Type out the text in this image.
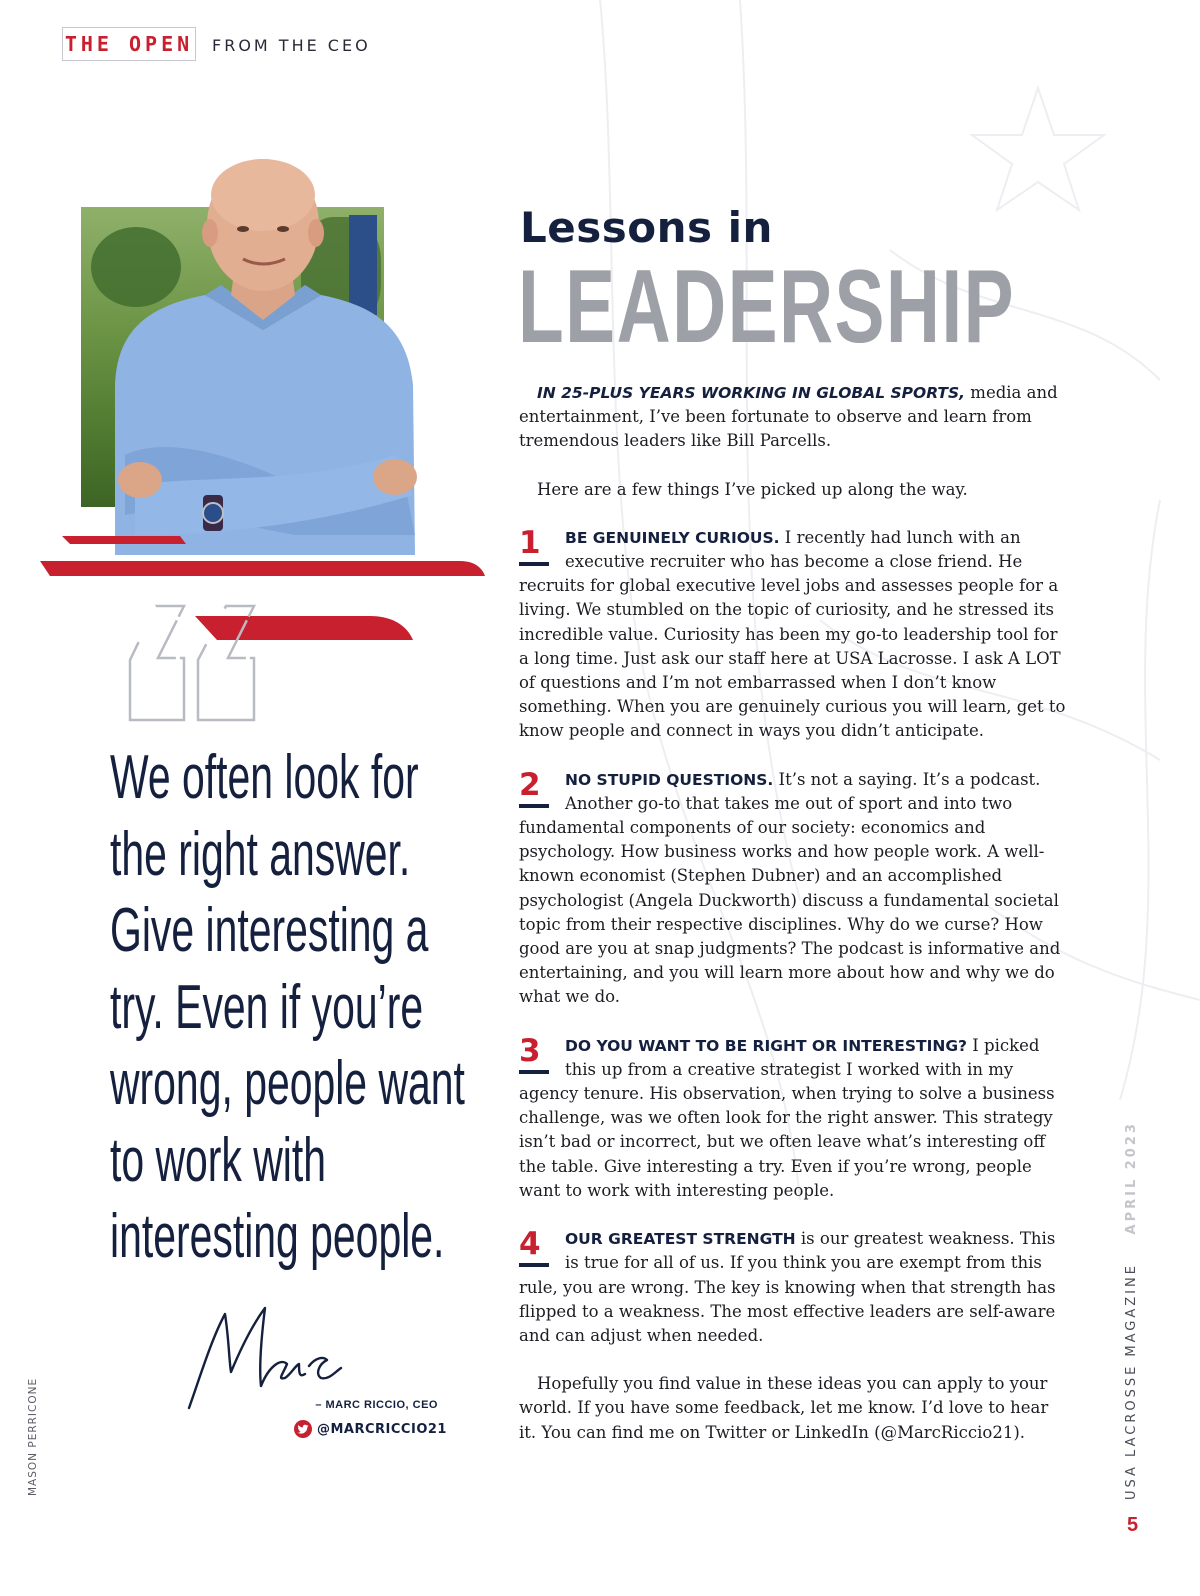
THE OPEN FROM THE CEO
We often look for
the right answer.
Give interesting a
try. Even if you’re
wrong, people want
to work with
interesting people.
– MARC RICCIO, CEO
@MARCRICCIO21
Lessons in
LEADERSHIP

IN 25-PLUS YEARS WORKING IN GLOBAL SPORTS, media and entertainment, I’ve been fortunate to observe and learn from tremendous leaders like Bill Parcells.

Here are a few things I’ve picked up along the way.

1	BE GENUINELY CURIOUS. I recently had lunch with an executive recruiter who has become a close friend. He recruits for global executive level jobs and assesses people for a living. We stumbled on the topic of curiosity, and he stressed its incredible value. Curiosity has been my go-to leadership tool for a long time. Just ask our staff here at USA Lacrosse. I ask A LOT of questions and I’m not embarrassed when I don’t know something. When you are genuinely curious you will learn, get to know people and connect in ways you didn’t anticipate.

2	NO STUPID QUESTIONS. It’s not a saying. It’s a podcast. Another go-to that takes me out of sport and into two fundamental components of our society: economics and psychology. How business works and how people work. A well-known economist (Stephen Dubner) and an accomplished psychologist (Angela Duckworth) discuss a fundamental societal topic from their respective disciplines. Why do we curse? How good are you at snap judgments? The podcast is informative and entertaining, and you will learn more about how and why we do what we do.

3	DO YOU WANT TO BE RIGHT OR INTERESTING? I picked this up from a creative strategist I worked with in my agency tenure. His observation, when trying to solve a business challenge, was we often look for the right answer. This strategy isn’t bad or incorrect, but we often leave what’s interesting off the table. Give interesting a try. Even if you’re wrong, people want to work with interesting people.

4	OUR GREATEST STRENGTH is our greatest weakness. This is true for all of us. If you think you are exempt from this rule, you are wrong. The key is knowing when that strength has flipped to a weakness. The most effective leaders are self-aware and can adjust when needed.

Hopefully you find value in these ideas you can apply to your world. If you have some feedback, let me know. I’d love to hear it. You can find me on Twitter or LinkedIn (@MarcRiccio21).	USA LACROSSE MAGAZINE    APRIL 2023
MASON PERRICONE
5
